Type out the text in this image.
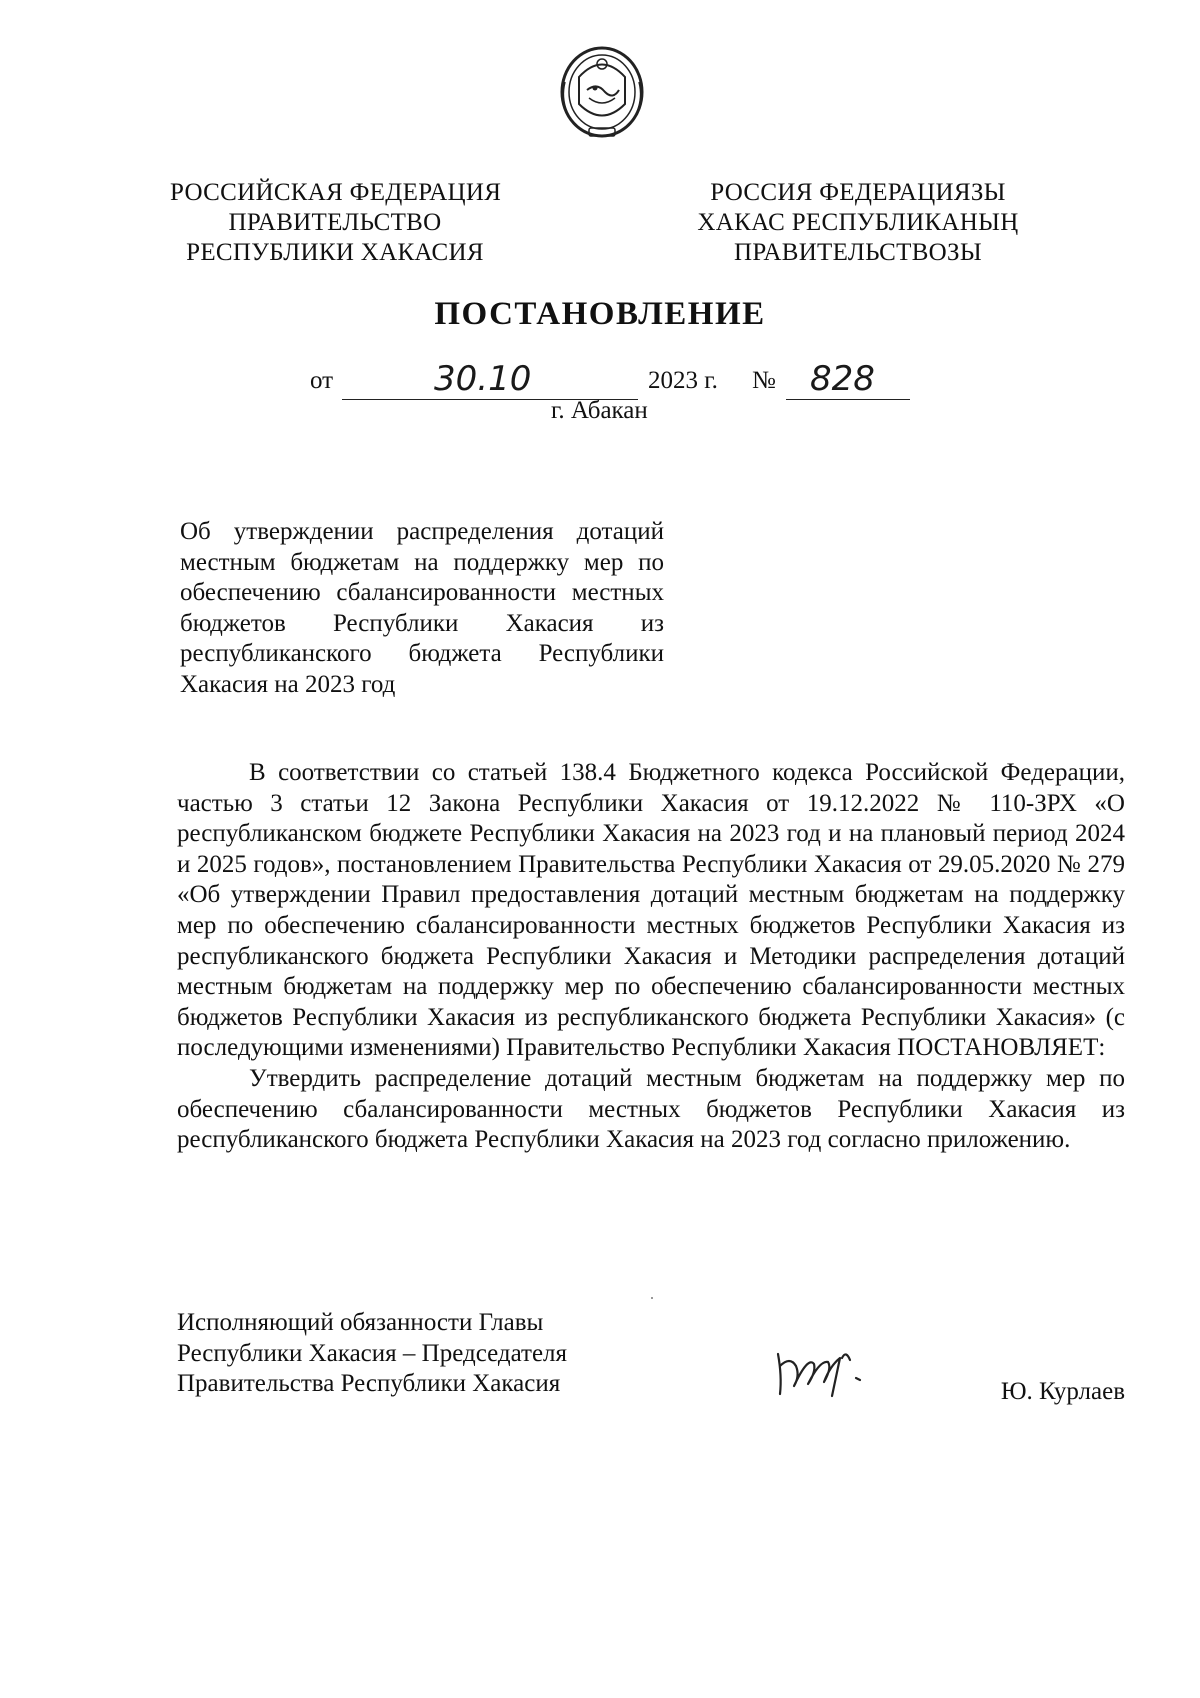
РОССИЙСКАЯ ФЕДЕРАЦИЯ
ПРАВИТЕЛЬСТВО
РЕСПУБЛИКИ ХАКАСИЯ
РОССИЯ ФЕДЕРАЦИЯЗЫ
ХАКАС РЕСПУБЛИКАНЫҢ
ПРАВИТЕЛЬСТВОЗЫ
ПОСТАНОВЛЕНИЕ
от	30.10	2023 г. № 828
г. Абакан
Об утверждении распределения дотаций местным бюджетам на поддержку мер по обеспечению сбалансированности местных бюджетов Республики Хакасия из республиканского бюджета Республики Хакасия на 2023 год

В соответствии со статьей 138.4 Бюджетного кодекса Российской Федерации, частью 3 статьи 12 Закона Республики Хакасия от 19.12.2022 № 110-ЗРХ «О республиканском бюджете Республики Хакасия на 2023 год и на плановый период 2024 и 2025 годов», постановлением Правительства Республики Хакасия от 29.05.2020 № 279 «Об утверждении Правил предоставления дотаций местным бюджетам на поддержку мер по обеспечению сбалансированности местных бюджетов Республики Хакасия из республиканского бюджета Республики Хакасия и Методики распределения дотаций местным бюджетам на поддержку мер по обеспечению сбалансированности местных бюджетов Республики Хакасия из республиканского бюджета Республики Хакасия» (с последующими изменениями) Правительство Республики Хакасия ПОСТАНОВЛЯЕТ:

Утвердить распределение дотаций местным бюджетам на поддержку мер по обеспечению сбалансированности местных бюджетов Республики Хакасия из республиканского бюджета Республики Хакасия на 2023 год согласно приложению.

Исполняющий обязанности Главы
Республики Хакасия – Председателя
Правительства Республики Хакасия	Ю. Курлаев
